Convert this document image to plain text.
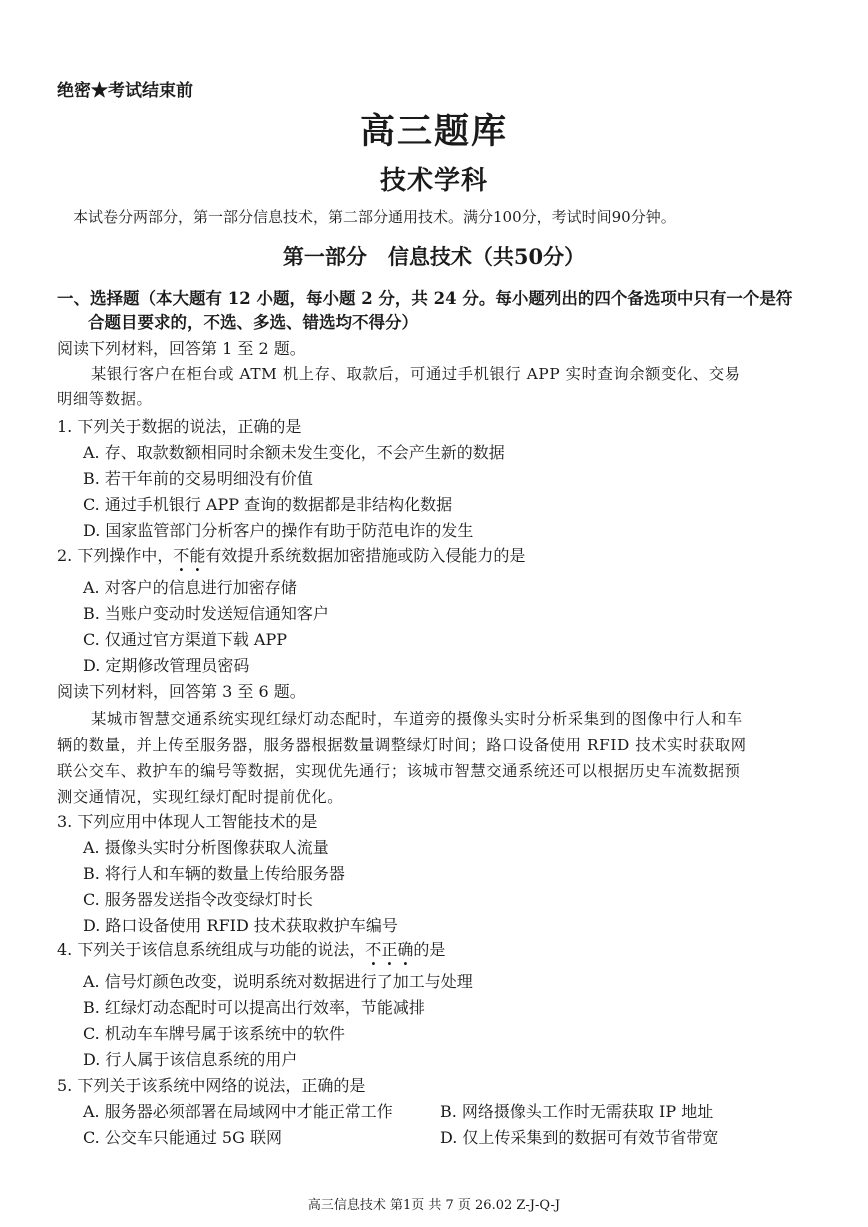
绝密★考试结束前
高三题库
技术学科
本试卷分两部分，第一部分信息技术，第二部分通用技术。满分100分，考试时间90分钟。
第一部分　信息技术（共50分）
一、选择题（本大题有 12 小题，每小题 2 分，共 24 分。每小题列出的四个备选项中只有一个是符
合题目要求的，不选、多选、错选均不得分）
阅读下列材料，回答第 1 至 2 题。
某银行客户在柜台或 ATM 机上存、取款后，可通过手机银行 APP 实时查询余额变化、交易
明细等数据。
1. 下列关于数据的说法，正确的是
A. 存、取款数额相同时余额未发生变化，不会产生新的数据
B. 若干年前的交易明细没有价值
C. 通过手机银行 APP 查询的数据都是非结构化数据
D. 国家监管部门分析客户的操作有助于防范电诈的发生
2. 下列操作中，不能有效提升系统数据加密措施或防入侵能力的是
A. 对客户的信息进行加密存储
B. 当账户变动时发送短信通知客户
C. 仅通过官方渠道下载 APP
D. 定期修改管理员密码
阅读下列材料，回答第 3 至 6 题。
某城市智慧交通系统实现红绿灯动态配时，车道旁的摄像头实时分析采集到的图像中行人和车
辆的数量，并上传至服务器，服务器根据数量调整绿灯时间；路口设备使用 RFID 技术实时获取网
联公交车、救护车的编号等数据，实现优先通行；该城市智慧交通系统还可以根据历史车流数据预
测交通情况，实现红绿灯配时提前优化。
3. 下列应用中体现人工智能技术的是
A. 摄像头实时分析图像获取人流量
B. 将行人和车辆的数量上传给服务器
C. 服务器发送指令改变绿灯时长
D. 路口设备使用 RFID 技术获取救护车编号
4. 下列关于该信息系统组成与功能的说法，不正确的是
A. 信号灯颜色改变，说明系统对数据进行了加工与处理
B. 红绿灯动态配时可以提高出行效率，节能减排
C. 机动车车牌号属于该系统中的软件
D. 行人属于该信息系统的用户
5. 下列关于该系统中网络的说法，正确的是
A. 服务器必须部署在局域网中才能正常工作	B. 网络摄像头工作时无需获取 IP 地址
C. 公交车只能通过 5G 联网	D. 仅上传采集到的数据可有效节省带宽
高三信息技术 第1页 共 7 页 26.02 Z-J-Q-J
